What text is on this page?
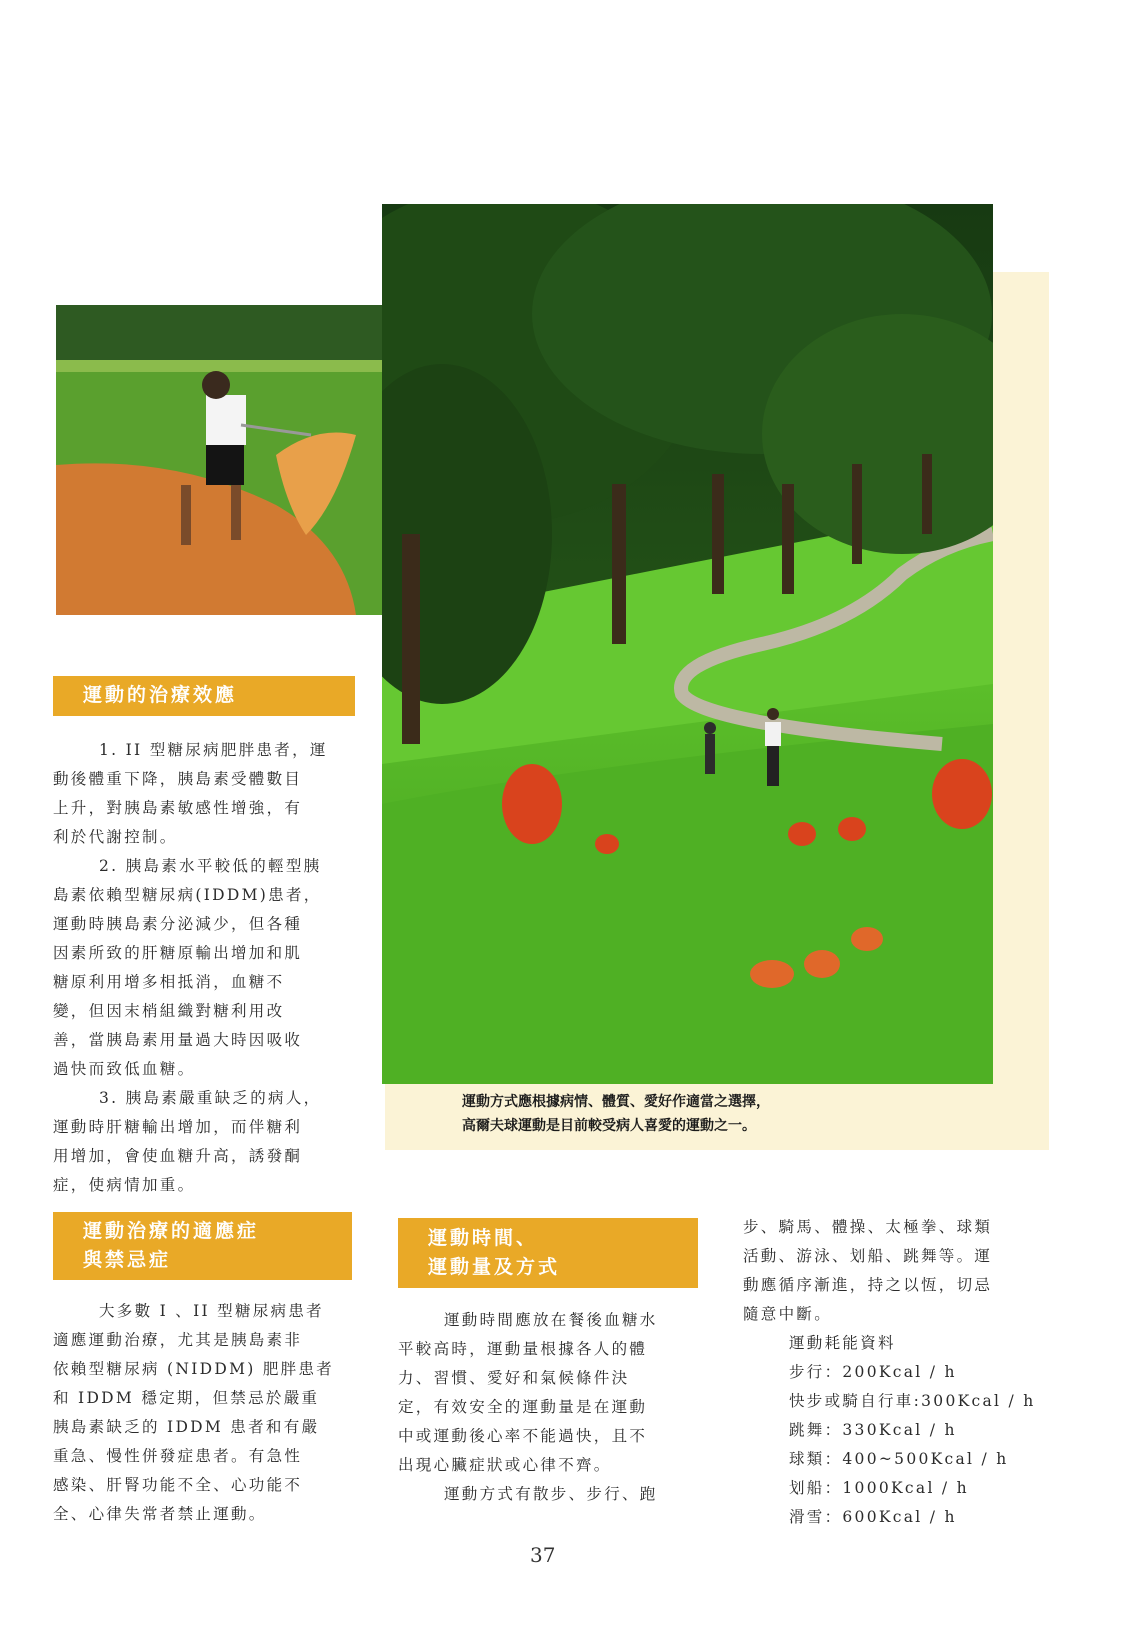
運動方式應根據病情、體質、愛好作適當之選擇，
高爾夫球運動是目前較受病人喜愛的運動之一。
運動的治療效應
1. II 型糖尿病肥胖患者，運
動後體重下降，胰島素受體數目
上升，對胰島素敏感性增強，有
利於代謝控制。
2. 胰島素水平較低的輕型胰
島素依賴型糖尿病(IDDM)患者，
運動時胰島素分泌減少，但各種
因素所致的肝糖原輸出增加和肌
糖原利用增多相抵消，血糖不
變，但因末梢組織對糖利用改
善，當胰島素用量過大時因吸收
過快而致低血糖。
3. 胰島素嚴重缺乏的病人，
運動時肝糖輸出增加，而伴糖利
用增加，會使血糖升高，誘發酮
症，使病情加重。
運動治療的適應症
與禁忌症
大多數 I 、II 型糖尿病患者
適應運動治療，尤其是胰島素非
依賴型糖尿病 (NIDDM) 肥胖患者
和 IDDM 穩定期，但禁忌於嚴重
胰島素缺乏的 IDDM 患者和有嚴
重急、慢性併發症患者。有急性
感染、肝腎功能不全、心功能不
全、心律失常者禁止運動。
運動時間、
運動量及方式
運動時間應放在餐後血糖水
平較高時，運動量根據各人的體
力、習慣、愛好和氣候條件決
定，有效安全的運動量是在運動
中或運動後心率不能過快，且不
出現心臟症狀或心律不齊。
運動方式有散步、步行、跑
步、騎馬、體操、太極拳、球類
活動、游泳、划船、跳舞等。運
動應循序漸進，持之以恆，切忌
隨意中斷。
運動耗能資料
步行：200Kcal / h
快步或騎自行車:300Kcal / h
跳舞：330Kcal / h
球類：400~500Kcal / h
划船：1000Kcal / h
滑雪：600Kcal / h
37
